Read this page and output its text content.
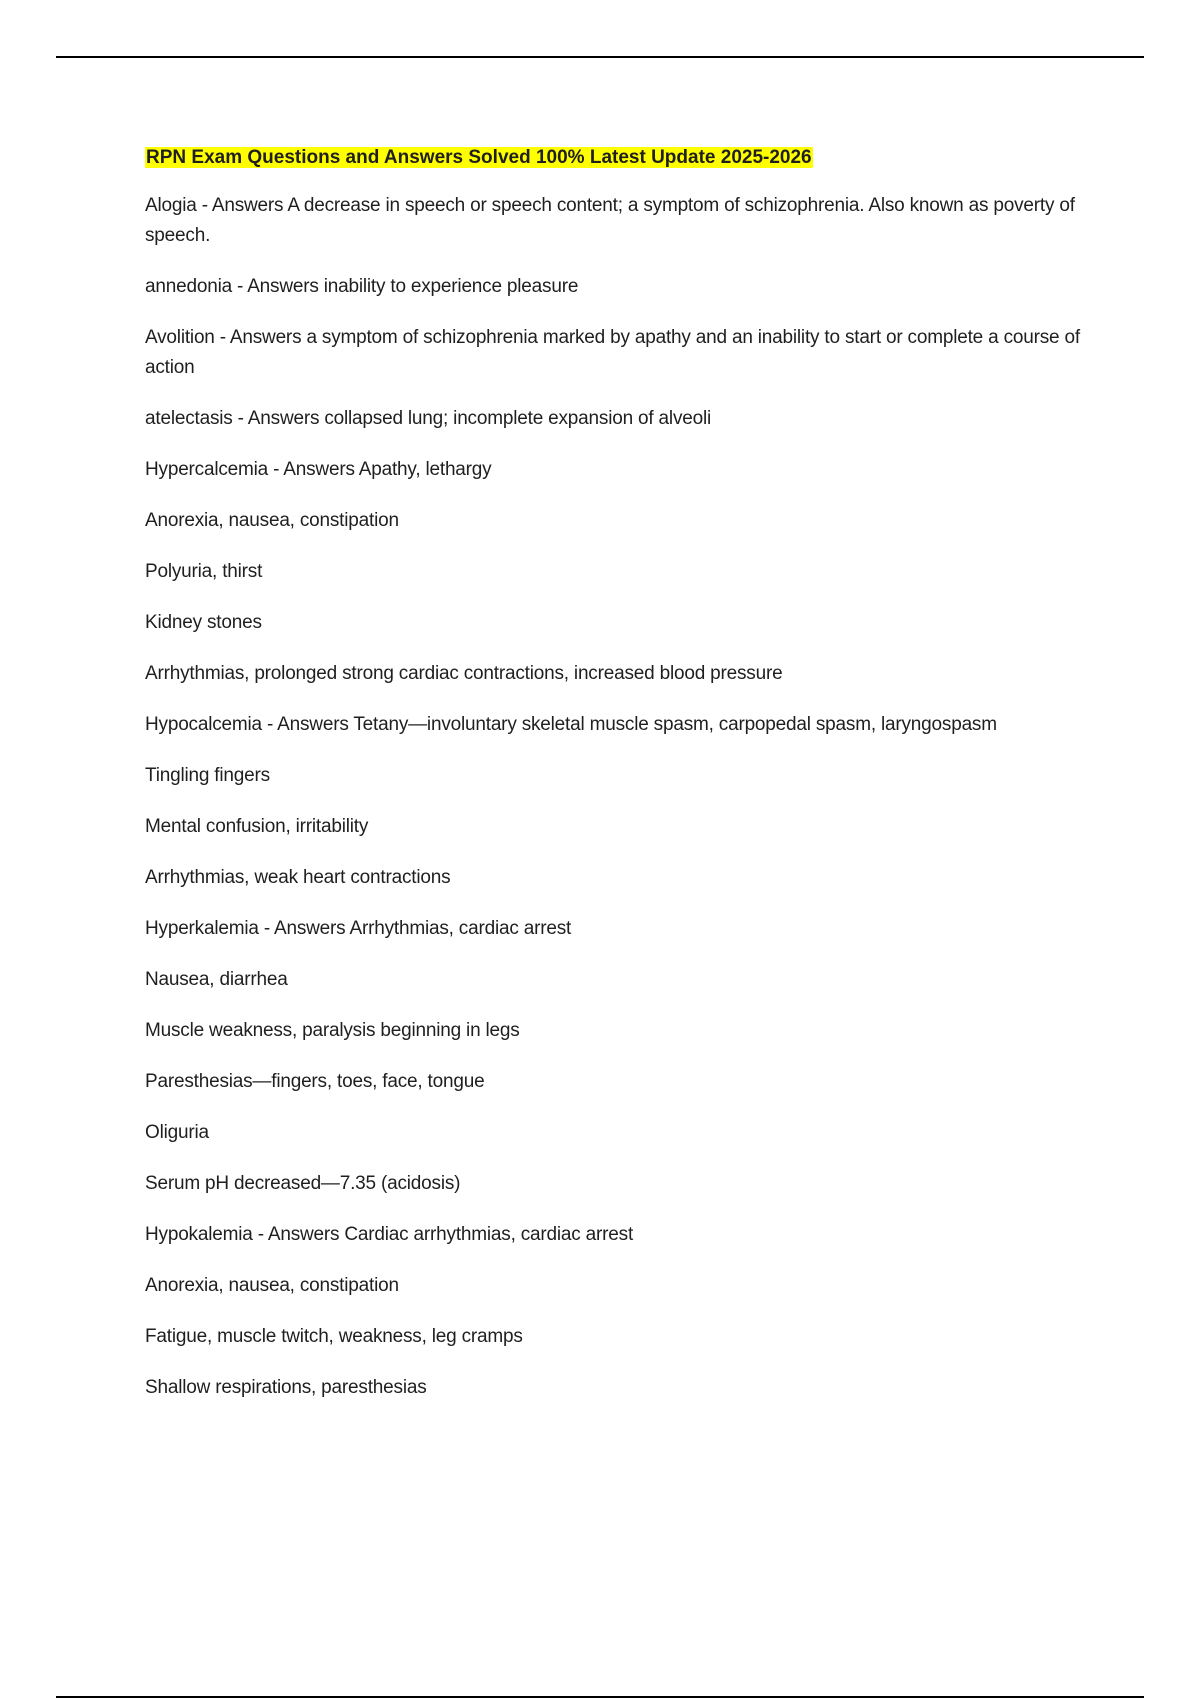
RPN Exam Questions and Answers Solved 100% Latest Update 2025-2026

Alogia - Answers A decrease in speech or speech content; a symptom of schizophrenia. Also known as poverty of speech.

annedonia - Answers inability to experience pleasure

Avolition - Answers a symptom of schizophrenia marked by apathy and an inability to start or complete a course of action

atelectasis - Answers collapsed lung; incomplete expansion of alveoli

Hypercalcemia - Answers Apathy, lethargy

Anorexia, nausea, constipation

Polyuria, thirst

Kidney stones

Arrhythmias, prolonged strong cardiac contractions, increased blood pressure

Hypocalcemia - Answers Tetany—involuntary skeletal muscle spasm, carpopedal spasm, laryngospasm

Tingling fingers

Mental confusion, irritability

Arrhythmias, weak heart contractions

Hyperkalemia - Answers Arrhythmias, cardiac arrest

Nausea, diarrhea

Muscle weakness, paralysis beginning in legs

Paresthesias—fingers, toes, face, tongue

Oliguria

Serum pH decreased—7.35 (acidosis)

Hypokalemia - Answers Cardiac arrhythmias, cardiac arrest

Anorexia, nausea, constipation

Fatigue, muscle twitch, weakness, leg cramps

Shallow respirations, paresthesias
